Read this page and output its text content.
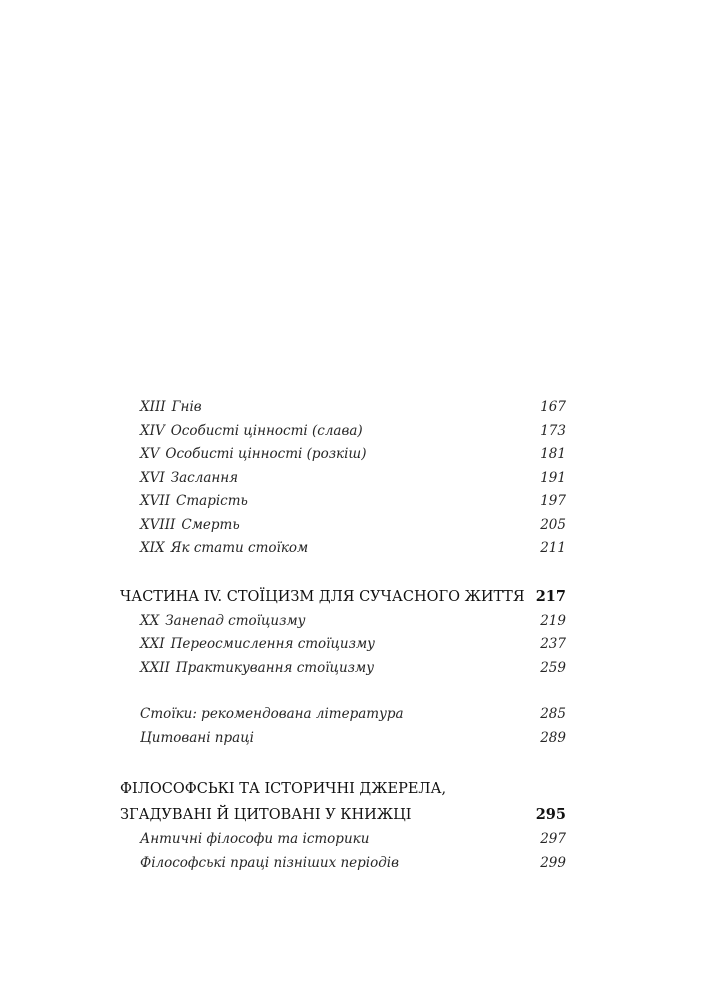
XIII Гнів	167
XIV Особисті цінності (слава)	173
XV Особисті цінності (розкіш)	181
XVI Заслання	191
XVII Старість	197
XVIII Смерть	205
XIX Як стати стоїком	211
ЧАСТИНА IV. СТОЇЦИЗМ ДЛЯ СУЧАСНОГО ЖИТТЯ 217
XX Занепад стоїцизму	219
XXI Переосмислення стоїцизму	237
XXII Практикування стоїцизму	259
Стоїки: рекомендована література	285
Цитовані праці	289
ФІЛОСОФСЬКІ ТА ІСТОРИЧНІ ДЖЕРЕЛА,
ЗГАДУВАНІ Й ЦИТОВАНІ У КНИЖЦІ	295
Античні філософи та історики	297
Філософські праці пізніших періодів	299
